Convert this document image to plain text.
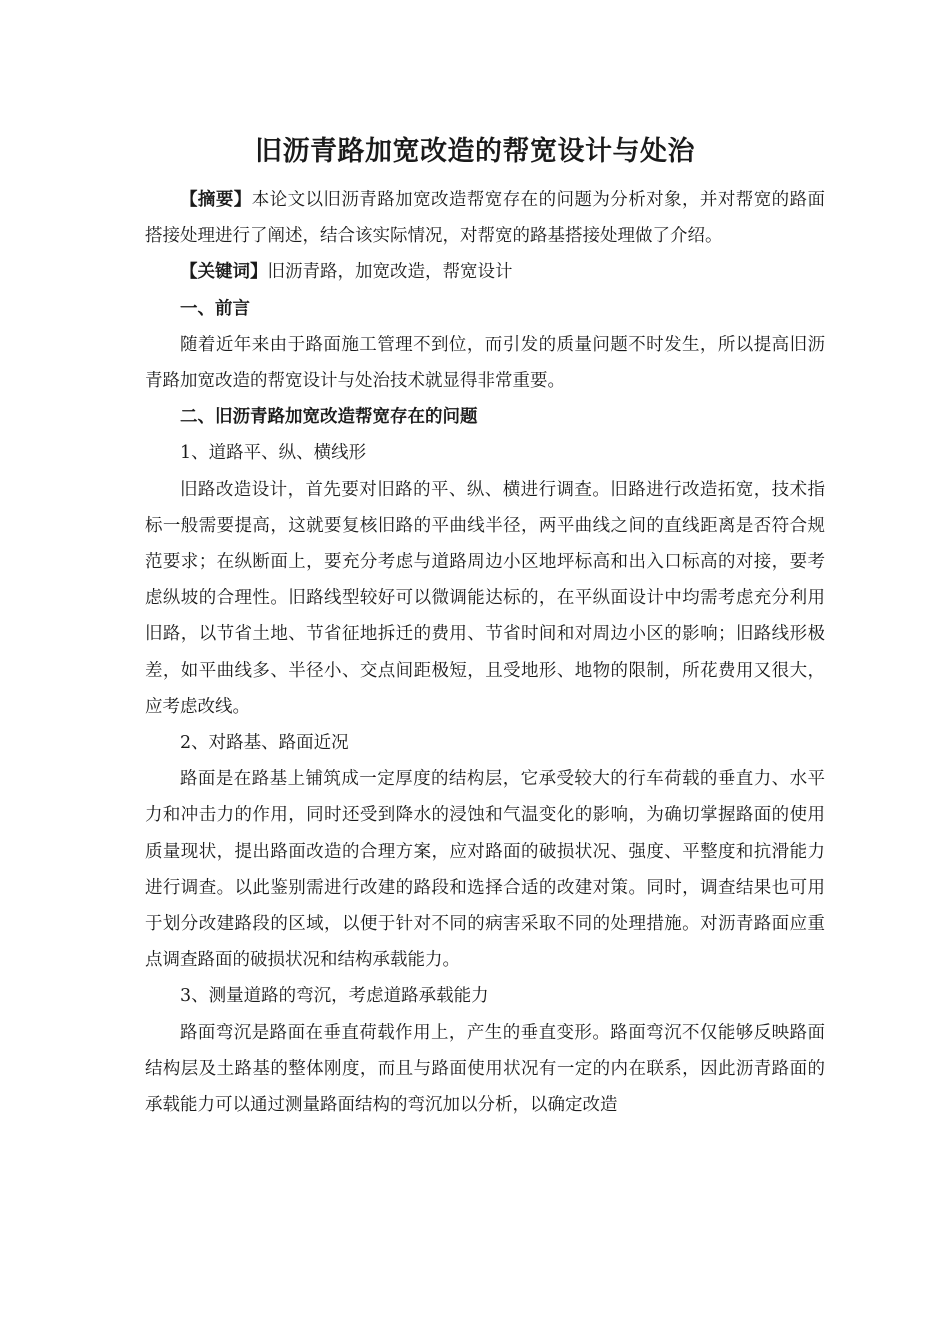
旧沥青路加宽改造的帮宽设计与处治

【摘要】本论文以旧沥青路加宽改造帮宽存在的问题为分析对象，并对帮宽的路面搭接处理进行了阐述，结合该实际情况，对帮宽的路基搭接处理做了介绍。

【关键词】旧沥青路，加宽改造，帮宽设计

一、前言

随着近年来由于路面施工管理不到位，而引发的质量问题不时发生，所以提高旧沥青路加宽改造的帮宽设计与处治技术就显得非常重要。

二、旧沥青路加宽改造帮宽存在的问题

1、道路平、纵、横线形

旧路改造设计，首先要对旧路的平、纵、横进行调查。旧路进行改造拓宽，技术指标一般需要提高，这就要复核旧路的平曲线半径，两平曲线之间的直线距离是否符合规范要求；在纵断面上，要充分考虑与道路周边小区地坪标高和出入口标高的对接，要考虑纵坡的合理性。旧路线型较好可以微调能达标的，在平纵面设计中均需考虑充分利用旧路，以节省土地、节省征地拆迁的费用、节省时间和对周边小区的影响；旧路线形极差，如平曲线多、半径小、交点间距极短，且受地形、地物的限制，所花费用又很大，应考虑改线。

2、对路基、路面近况

路面是在路基上铺筑成一定厚度的结构层，它承受较大的行车荷载的垂直力、水平力和冲击力的作用，同时还受到降水的浸蚀和气温变化的影响，为确切掌握路面的使用质量现状，提出路面改造的合理方案，应对路面的破损状况、强度、平整度和抗滑能力进行调查。以此鉴别需进行改建的路段和选择合适的改建对策。同时，调查结果也可用于划分改建路段的区域，以便于针对不同的病害采取不同的处理措施。对沥青路面应重点调查路面的破损状况和结构承载能力。

3、测量道路的弯沉，考虑道路承载能力

路面弯沉是路面在垂直荷载作用上，产生的垂直变形。路面弯沉不仅能够反映路面结构层及土路基的整体刚度，而且与路面使用状况有一定的内在联系，因此沥青路面的承载能力可以通过测量路面结构的弯沉加以分析，以确定改造
